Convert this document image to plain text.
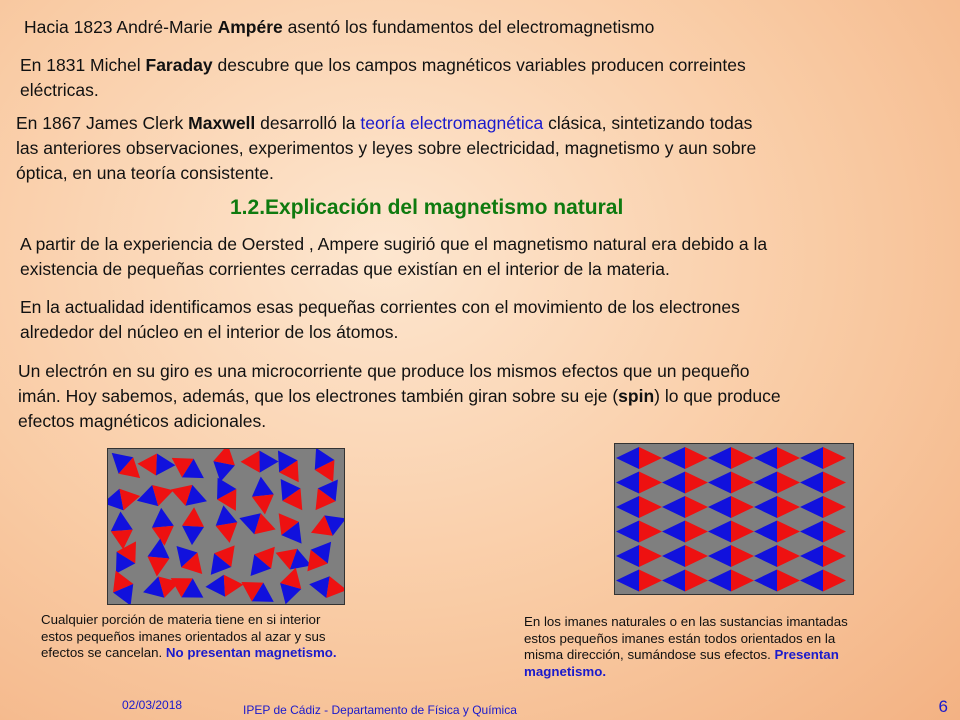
Hacia 1823 André-Marie Ampére asentó los fundamentos del electromagnetismo

En 1831 Michel Faraday descubre que los campos magnéticos variables producen correintes
eléctricas.

En 1867 James Clerk Maxwell desarrolló la teoría electromagnética clásica, sintetizando todas
las anteriores observaciones, experimentos y leyes sobre electricidad, magnetismo y aun sobre
óptica, en una teoría consistente.

1.2.Explicación del magnetismo natural

A partir de la experiencia de Oersted , Ampere sugirió que el magnetismo natural era debido a la
existencia de pequeñas corrientes cerradas que existían en el interior de la materia.

En la actualidad identificamos esas pequeñas corrientes con el movimiento de los electrones
alrededor del núcleo en el interior de los átomos.

Un electrón en su giro es una microcorriente que produce los mismos efectos que un pequeño
imán. Hoy sabemos, además, que los electrones también giran sobre su eje (spin) lo que produce
efectos magnéticos adicionales.

Cualquier porción de materia tiene en si interior
estos pequeños imanes orientados al azar y sus
efectos se cancelan. No presentan magnetismo.
En los imanes naturales o en las sustancias imantadas
estos pequeños imanes están todos orientados en la
misma dirección, sumándose sus efectos. Presentan
magnetismo.
02/03/2018	IPEP de Cádiz - Departamento de Física y Química	6
